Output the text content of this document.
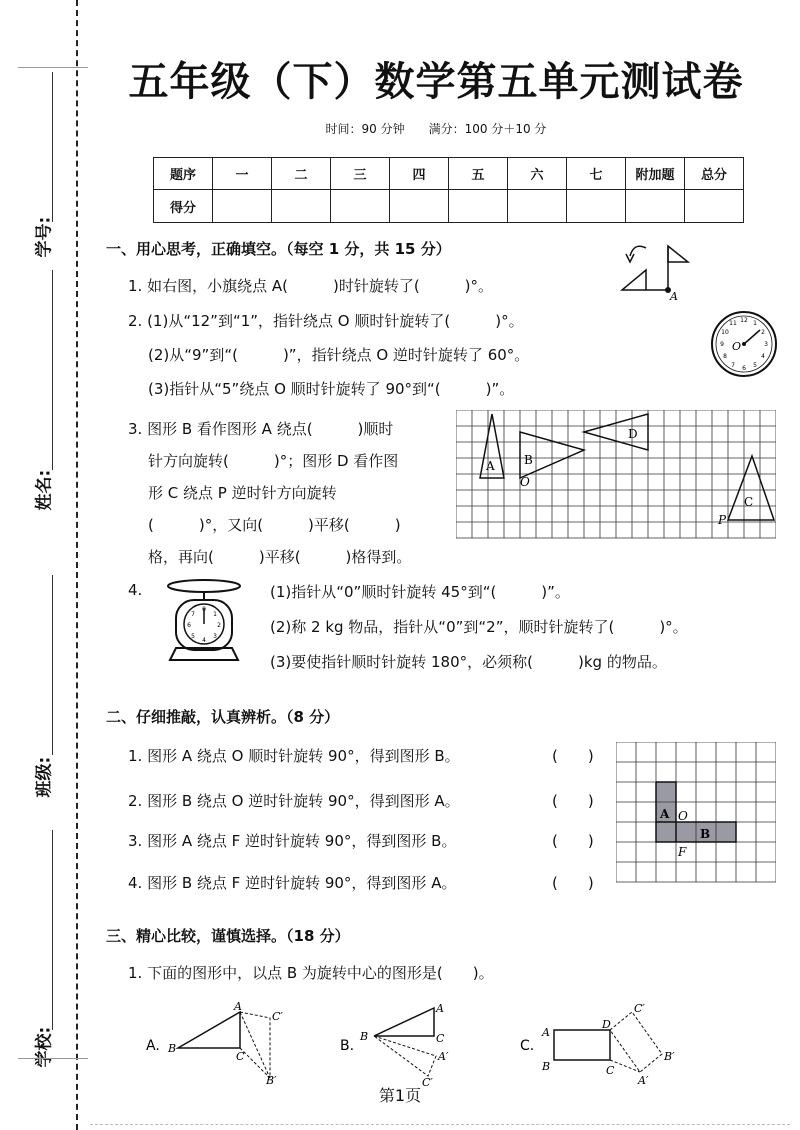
学号:
姓名:
班级:
学校:
五年级（下）数学第五单元测试卷
时间：90 分钟　　满分：100 分＋10 分
题序	一	二	三	四	五	六	七	附加题	总分
得分									
一、用心思考，正确填空。（每空 1 分，共 15 分）
1. 如右图，小旗绕点 A(　　　)时针旋转了(　　　)°。
A
2. (1)从“12”到“1”，指针绕点 O 顺时针旋转了(　　　)°。
(2)从“9”到“(　　　)”，指针绕点 O 逆时针旋转了 60°。
(3)指针从“5”绕点 O 顺时针旋转了 90°到“(　　　)”。
12 1
2
3
4
5
6
7
8
9
10
11
O
3. 图形 B 看作图形 A 绕点(　　　)顺时
针方向旋转(　　　)°；图形 D 看作图
形 C 绕点 P 逆时针方向旋转
(　　　)°，又向(　　　)平移(　　　)
格，再向(　　　)平移(　　　)格得到。
A B
O
D
C
P
4.
0
1
2
3
4
5
6
7
(1)指针从“0”顺时针旋转 45°到“(　　　)”。
(2)称 2 kg 物品，指针从“0”到“2”，顺时针旋转了(　　　)°。
(3)要使指针顺时针旋转 180°，必须称(　　　)kg 的物品。
二、仔细推敲，认真辨析。（8 分）
1. 图形 A 绕点 O 顺时针旋转 90°，得到图形 B。
2. 图形 B 绕点 O 逆时针旋转 90°，得到图形 A。
3. 图形 A 绕点 F 逆时针旋转 90°，得到图形 B。
4. 图形 B 绕点 F 逆时针旋转 90°，得到图形 A。
(　　)
(　　)
(　　)
(　　)
A O
B
F
三、精心比较，谨慎选择。（18 分）
1. 下面的图形中，以点 B 为旋转中心的图形是(　　)。
A. B
A
C
C′
B′
B.
B
A
C
A′
C′
C.
A
B
D
C
C′
B′
A′
第1页
